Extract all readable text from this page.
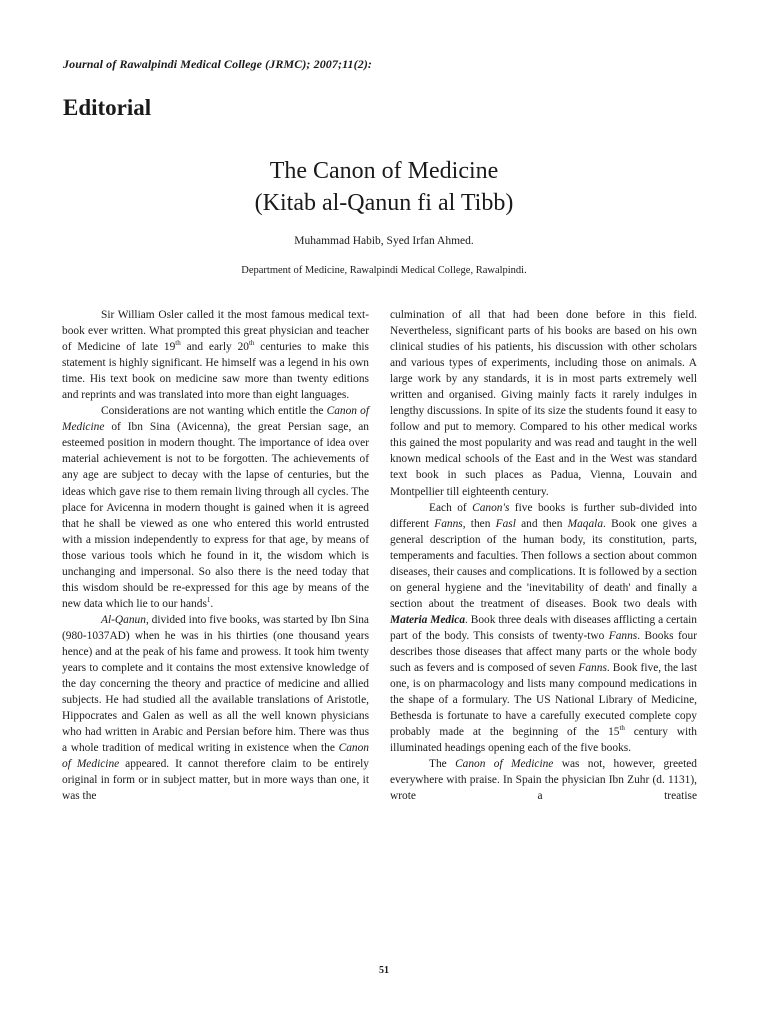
Journal of Rawalpindi Medical College (JRMC); 2007;11(2):
Editorial
The Canon of Medicine
(Kitab al-Qanun fi al Tibb)
Muhammad Habib, Syed Irfan Ahmed.
Department of Medicine, Rawalpindi Medical College, Rawalpindi.

Sir William Osler called it the most famous medical text-book ever written. What prompted this great physician and teacher of Medicine of late 19th and early 20th centuries to make this statement is highly significant. He himself was a legend in his own time. His text book on medicine saw more than twenty editions and reprints and was translated into more than eight languages.

Considerations are not wanting which entitle the Canon of Medicine of Ibn Sina (Avicenna), the great Persian sage, an esteemed position in modern thought. The importance of idea over material achievement is not to be forgotten. The achievements of any age are subject to decay with the lapse of centuries, but the ideas which gave rise to them remain living through all cycles. The place for Avicenna in modern thought is gained when it is agreed that he shall be viewed as one who entered this world entrusted with a mission independently to express for that age, by means of those various tools which he found in it, the wisdom which is unchanging and impersonal. So also there is the need today that this wisdom should be re-expressed for this age by means of the new data which lie to our hands$^1$.

Al-Qanun, divided into five books, was started by Ibn Sina (980-1037AD) when he was in his thirties (one thousand years hence) and at the peak of his fame and prowess. It took him twenty years to complete and it contains the most extensive knowledge of the day concerning the theory and practice of medicine and allied subjects. He had studied all the available translations of Aristotle, Hippocrates and Galen as well as all the well known physicians who had written in Arabic and Persian before him. There was thus a whole tradition of medical writing in existence when the Canon of Medicine appeared. It cannot therefore claim to be entirely original in form or in subject matter, but in more ways than one, it was the

culmination of all that had been done before in this field. Nevertheless, significant parts of his books are based on his own clinical studies of his patients, his discussion with other scholars and various types of experiments, including those on animals. A large work by any standards, it is in most parts extremely well written and organised. Giving mainly facts it rarely indulges in lengthy discussions. In spite of its size the students found it easy to follow and put to memory. Compared to his other medical works this gained the most popularity and was read and taught in the well known medical schools of the East and in the West was standard text book in such places as Padua, Vienna, Louvain and Montpellier till eighteenth century.

Each of Canon's five books is further sub-divided into different Fanns, then Fasl and then Maqala. Book one gives a general description of the human body, its constitution, parts, temperaments and faculties. Then follows a section about common diseases, their causes and complications. It is followed by a section on general hygiene and the 'inevitability of death' and finally a section about the treatment of diseases. Book two deals with Materia Medica. Book three deals with diseases afflicting a certain part of the body. This consists of twenty-two Fanns. Books four describes those diseases that affect many parts or the whole body such as fevers and is composed of seven Fanns. Book five, the last one, is on pharmacology and lists many compound medications in the shape of a formulary. The US National Library of Medicine, Bethesda is fortunate to have a carefully executed complete copy probably made at the beginning of the 15th century with illuminated headings opening each of the five books.

The Canon of Medicine was not, however, greeted everywhere with praise. In Spain the physician Ibn Zuhr (d. 1131), wrote a treatise

51
